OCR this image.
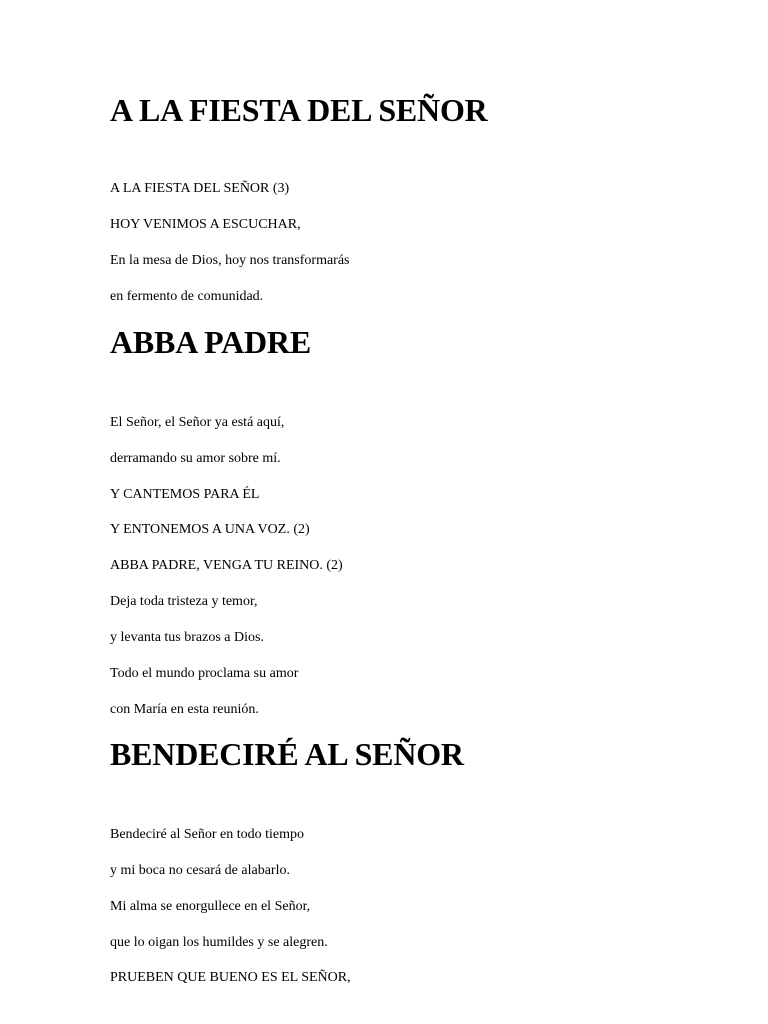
A LA FIESTA DEL SEÑOR

A LA FIESTA DEL SEÑOR (3)

HOY VENIMOS A ESCUCHAR,

En la mesa de Dios, hoy nos transformarás

en fermento de comunidad.

ABBA PADRE

El Señor, el Señor ya está aquí,

derramando su amor sobre mí.

Y CANTEMOS PARA ÉL

Y ENTONEMOS A UNA VOZ. (2)

ABBA PADRE, VENGA TU REINO. (2)

Deja toda tristeza y temor,

y levanta tus brazos a Dios.

Todo el mundo proclama su amor

con María en esta reunión.

BENDECIRÉ AL SEÑOR

Bendeciré al Señor en todo tiempo

y mi boca no cesará de alabarlo.

Mi alma se enorgullece en el Señor,

que lo oigan los humildes y se alegren.

PRUEBEN QUE BUENO ES EL SEÑOR,
